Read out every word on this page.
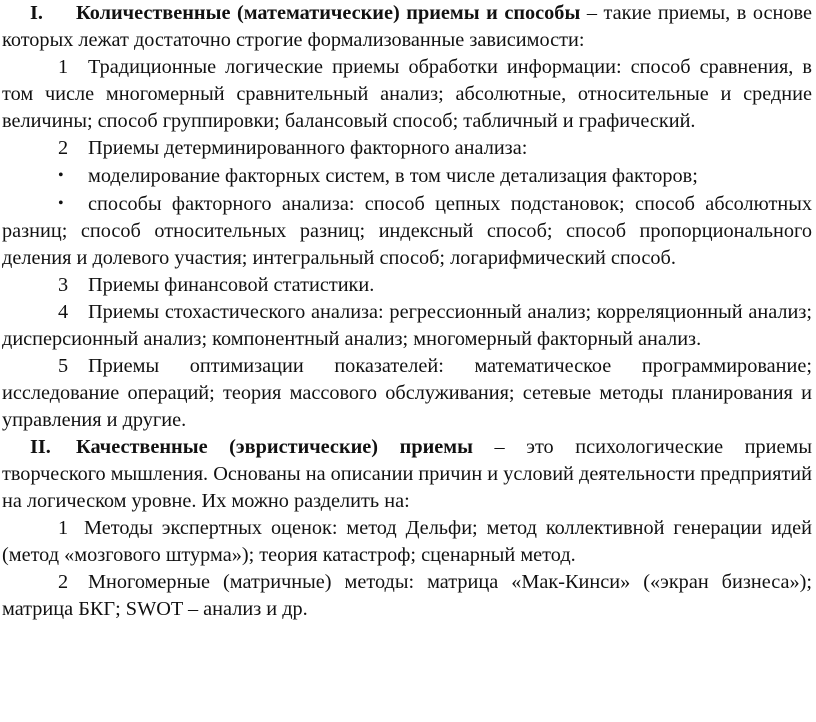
I. Количественные (математические) приемы и способы – такие приемы, в основе которых лежат достаточно строгие формализованные зависимости:

1 Традиционные логические приемы обработки информации: способ сравнения, в том числе многомерный сравнительный анализ; абсолютные, относительные и средние величины; способ группировки; балансовый способ; табличный и графический.

2 Приемы детерминированного факторного анализа:

• моделирование факторных систем, в том числе детализация факторов;

• способы факторного анализа: способ цепных подстановок; способ абсолютных разниц; способ относительных разниц; индексный способ; способ пропорционального деления и долевого участия; интегральный способ; логарифмический способ.

3 Приемы финансовой статистики.

4 Приемы стохастического анализа: регрессионный анализ; корреляционный анализ; дисперсионный анализ; компонентный анализ; многомерный факторный анализ.

5 Приемы оптимизации показателей: математическое программирование; исследование операций; теория массового обслуживания; сетевые методы планирования и управления и другие.

II. Качественные (эвристические) приемы – это психологические приемы творческого мышления. Основаны на описании причин и условий деятельности предприятий на логическом уровне. Их можно разделить на:

1 Методы экспертных оценок: метод Дельфи; метод коллективной генерации идей (метод «мозгового штурма»); теория катастроф; сценарный метод.

2 Многомерные (матричные) методы: матрица «Мак-Кинси» («экран бизнеса»); матрица БКГ; SWOT – анализ и др.
